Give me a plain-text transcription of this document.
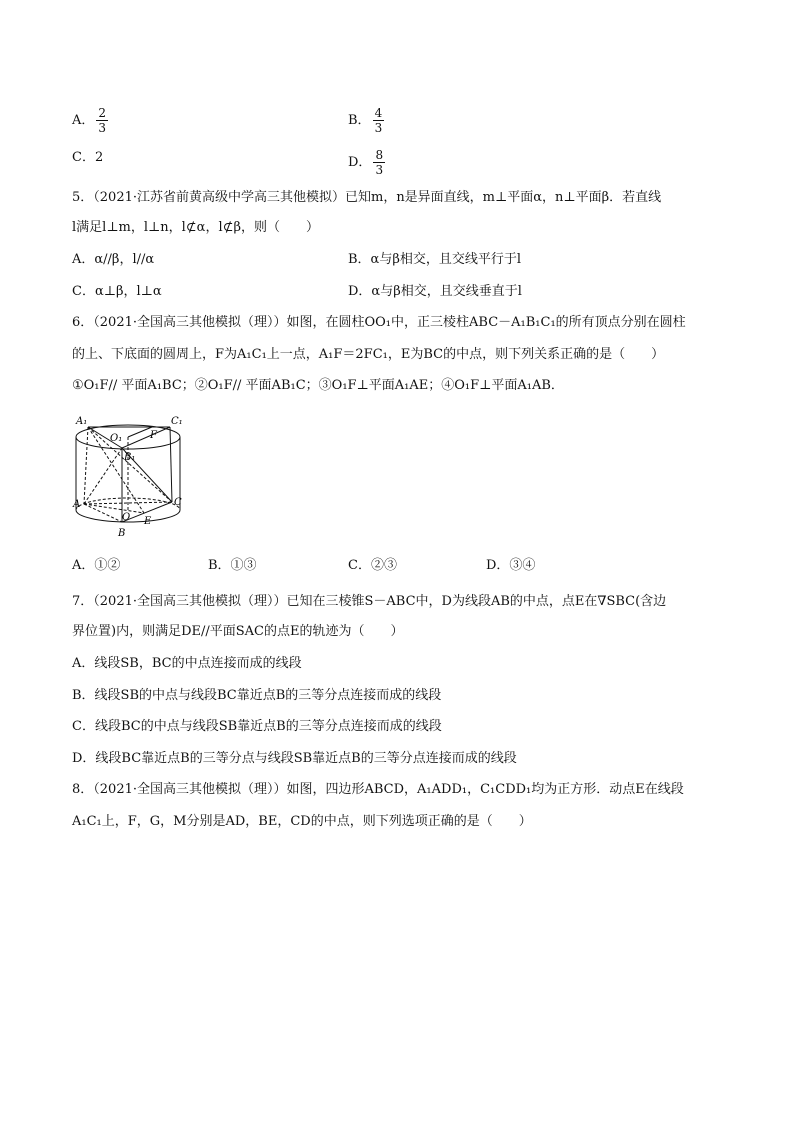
A． $\frac{2}{3}$	B． $\frac{4}{3}$
C．2	D． $\frac{8}{3}$
5．（2021·江苏省前黄高级中学高三其他模拟）已知m，n是异面直线，m⊥平面α，n⊥平面β．若直线
l满足l⊥m，l⊥n，l⊄α，l⊄β，则（　　）
A．α//β，l//α	B．α与β相交，且交线平行于l
C．α⊥β，l⊥α	D．α与β相交，且交线垂直于l
6．（2021·全国高三其他模拟（理））如图，在圆柱OO₁中，正三棱柱ABC－A₁B₁C₁的所有顶点分别在圆柱
的上、下底面的圆周上，F为A₁C₁上一点，A₁F＝2FC₁，E为BC的中点，则下列关系正确的是（　　）
①O₁F// 平面A₁BC；②O₁F// 平面AB₁C；③O₁F⊥平面A₁AE；④O₁F⊥平面A₁AB．
A₁	C₁
O₁	F
B₁
A	C
O E
B
A．①②	B．①③	C．②③	D．③④
7．（2021·全国高三其他模拟（理））已知在三棱锥S－ABC中，D为线段AB的中点，点E在∇SBC(含边
界位置)内，则满足DE//平面SAC的点E的轨迹为（　　）
A．线段SB，BC的中点连接而成的线段
B．线段SB的中点与线段BC靠近点B的三等分点连接而成的线段
C．线段BC的中点与线段SB靠近点B的三等分点连接而成的线段
D．线段BC靠近点B的三等分点与线段SB靠近点B的三等分点连接而成的线段
8．（2021·全国高三其他模拟（理））如图，四边形ABCD，A₁ADD₁，C₁CDD₁均为正方形．动点E在线段
A₁C₁上，F，G，M分别是AD，BE，CD的中点，则下列选项正确的是（　　）
